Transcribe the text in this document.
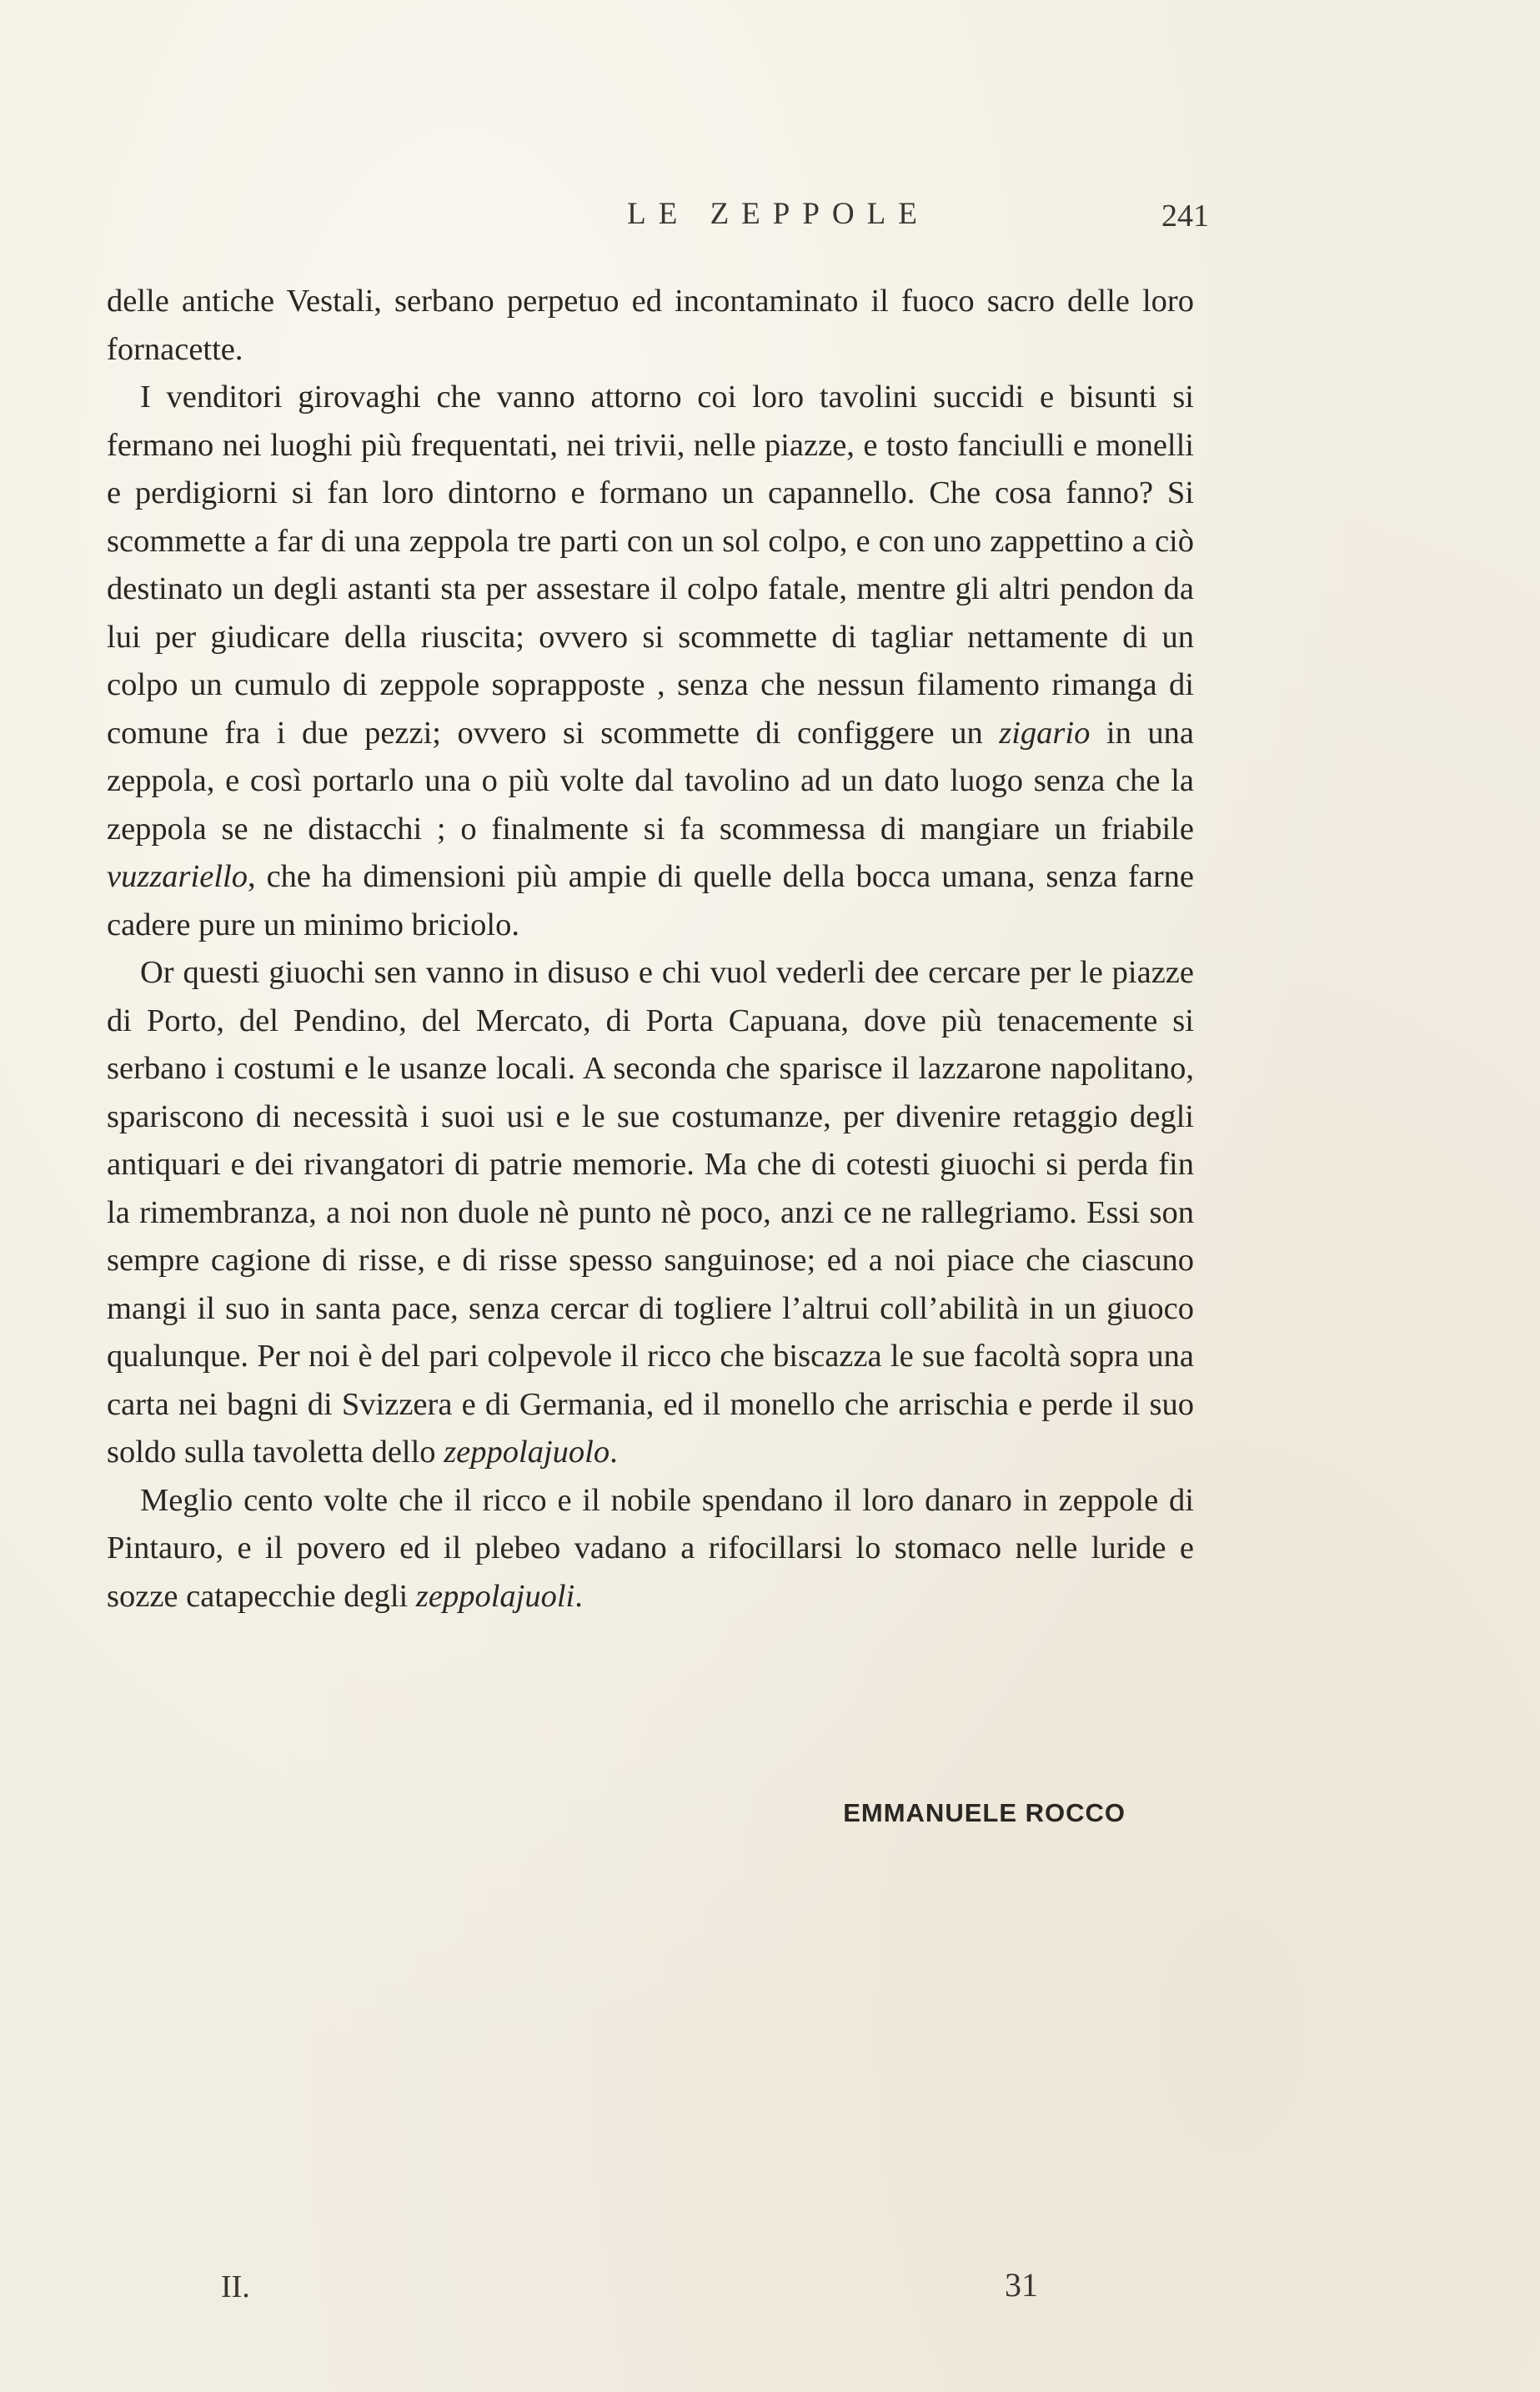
LE ZEPPOLE	241

delle antiche Vestali, serbano perpetuo ed incontaminato il fuoco sacro delle loro fornacette.

I venditori girovaghi che vanno attorno coi loro tavolini succidi e bisunti si fermano nei luoghi più frequentati, nei trivii, nelle piazze, e tosto fanciulli e monelli e perdigiorni si fan loro dintorno e formano un capannello. Che cosa fanno? Si scommette a far di una zeppola tre parti con un sol colpo, e con uno zappettino a ciò destinato un degli astanti sta per assestare il colpo fatale, mentre gli altri pendon da lui per giudicare della riuscita; ovvero si scommette di tagliar nettamente di un colpo un cumulo di zeppole soprapposte , senza che nessun filamento rimanga di comune fra i due pezzi; ovvero si scommette di configgere un zigario in una zeppola, e così portarlo una o più volte dal tavolino ad un dato luogo senza che la zeppola se ne distacchi ; o finalmente si fa scommessa di mangiare un friabile vuzzariello, che ha dimensioni più ampie di quelle della bocca umana, senza farne cadere pure un minimo briciolo.

Or questi giuochi sen vanno in disuso e chi vuol vederli dee cercare per le piazze di Porto, del Pendino, del Mercato, di Porta Capuana, dove più tenacemente si serbano i costumi e le usanze locali. A seconda che sparisce il lazzarone napolitano, spariscono di necessità i suoi usi e le sue costumanze, per divenire retaggio degli antiquari e dei rivangatori di patrie memorie. Ma che di cotesti giuochi si perda fin la rimembranza, a noi non duole nè punto nè poco, anzi ce ne rallegriamo. Essi son sempre cagione di risse, e di risse spesso sanguinose; ed a noi piace che ciascuno mangi il suo in santa pace, senza cercar di togliere l’altrui coll’abilità in un giuoco qualunque. Per noi è del pari colpevole il ricco che biscazza le sue facoltà sopra una carta nei bagni di Svizzera e di Germania, ed il monello che arrischia e perde il suo soldo sulla tavoletta dello zeppolajuolo.

Meglio cento volte che il ricco e il nobile spendano il loro danaro in zeppole di Pintauro, e il povero ed il plebeo vadano a rifocillarsi lo stomaco nelle luride e sozze catapecchie degli zeppolajuoli.

EMMANUELE ROCCO
II.	31
